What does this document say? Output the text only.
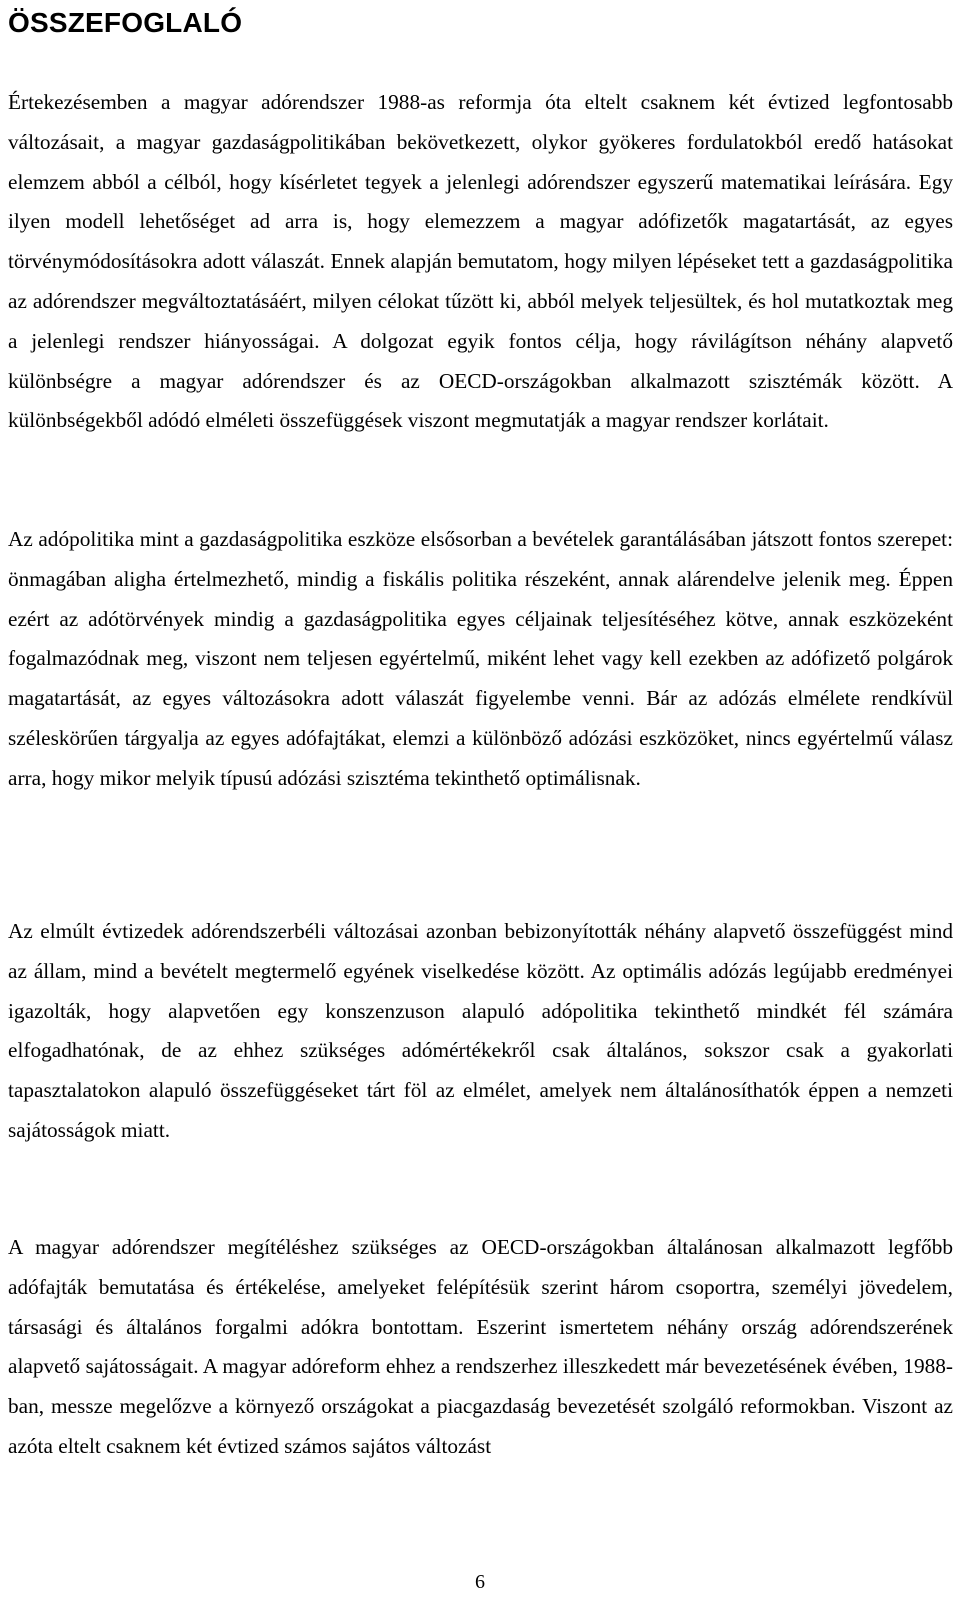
ÖSSZEFOGLALÓ

Értekezésemben a magyar adórendszer 1988-as reformja óta eltelt csaknem két évtized legfontosabb változásait, a magyar gazdaságpolitikában bekövetkezett, olykor gyökeres fordulatokból eredő hatásokat elemzem abból a célból, hogy kísérletet tegyek a jelenlegi adórendszer egyszerű matematikai leírására. Egy ilyen modell lehetőséget ad arra is, hogy elemezzem a magyar adófizetők magatartását, az egyes törvénymódosításokra adott válaszát. Ennek alapján bemutatom, hogy milyen lépéseket tett a gazdaságpolitika az adórendszer megváltoztatásáért, milyen célokat tűzött ki, abból melyek teljesültek, és hol mutatkoztak meg a jelenlegi rendszer hiányosságai. A dolgozat egyik fontos célja, hogy rávilágítson néhány alapvető különbségre a magyar adórendszer és az OECD-országokban alkalmazott szisztémák között. A különbségekből adódó elméleti összefüggések viszont megmutatják a magyar rendszer korlátait.

Az adópolitika mint a gazdaságpolitika eszköze elsősorban a bevételek garantálásában játszott fontos szerepet: önmagában aligha értelmezhető, mindig a fiskális politika részeként, annak alárendelve jelenik meg. Éppen ezért az adótörvények mindig a gazdaságpolitika egyes céljainak teljesítéséhez kötve, annak eszközeként fogalmazódnak meg, viszont nem teljesen egyértelmű, miként lehet vagy kell ezekben az adófizető polgárok magatartását, az egyes változásokra adott válaszát figyelembe venni. Bár az adózás elmélete rendkívül széleskörűen tárgyalja az egyes adófajtákat, elemzi a különböző adózási eszközöket, nincs egyértelmű válasz arra, hogy mikor melyik típusú adózási szisztéma tekinthető optimálisnak.

Az elmúlt évtizedek adórendszerbéli változásai azonban bebizonyították néhány alapvető összefüggést mind az állam, mind a bevételt megtermelő egyének viselkedése között. Az optimális adózás legújabb eredményei igazolták, hogy alapvetően egy konszenzuson alapuló adópolitika tekinthető mindkét fél számára elfogadhatónak, de az ehhez szükséges adómértékekről csak általános, sokszor csak a gyakorlati tapasztalatokon alapuló összefüggéseket tárt föl az elmélet, amelyek nem általánosíthatók éppen a nemzeti sajátosságok miatt.

A magyar adórendszer megítéléshez szükséges az OECD-országokban általánosan alkalmazott legfőbb adófajták bemutatása és értékelése, amelyeket felépítésük szerint három csoportra, személyi jövedelem, társasági és általános forgalmi adókra bontottam. Eszerint ismertetem néhány ország adórendszerének alapvető sajátosságait. A magyar adóreform ehhez a rendszerhez illeszkedett már bevezetésének évében, 1988-ban, messze megelőzve a környező országokat a piacgazdaság bevezetését szolgáló reformokban. Viszont az azóta eltelt csaknem két évtized számos sajátos változást

6
